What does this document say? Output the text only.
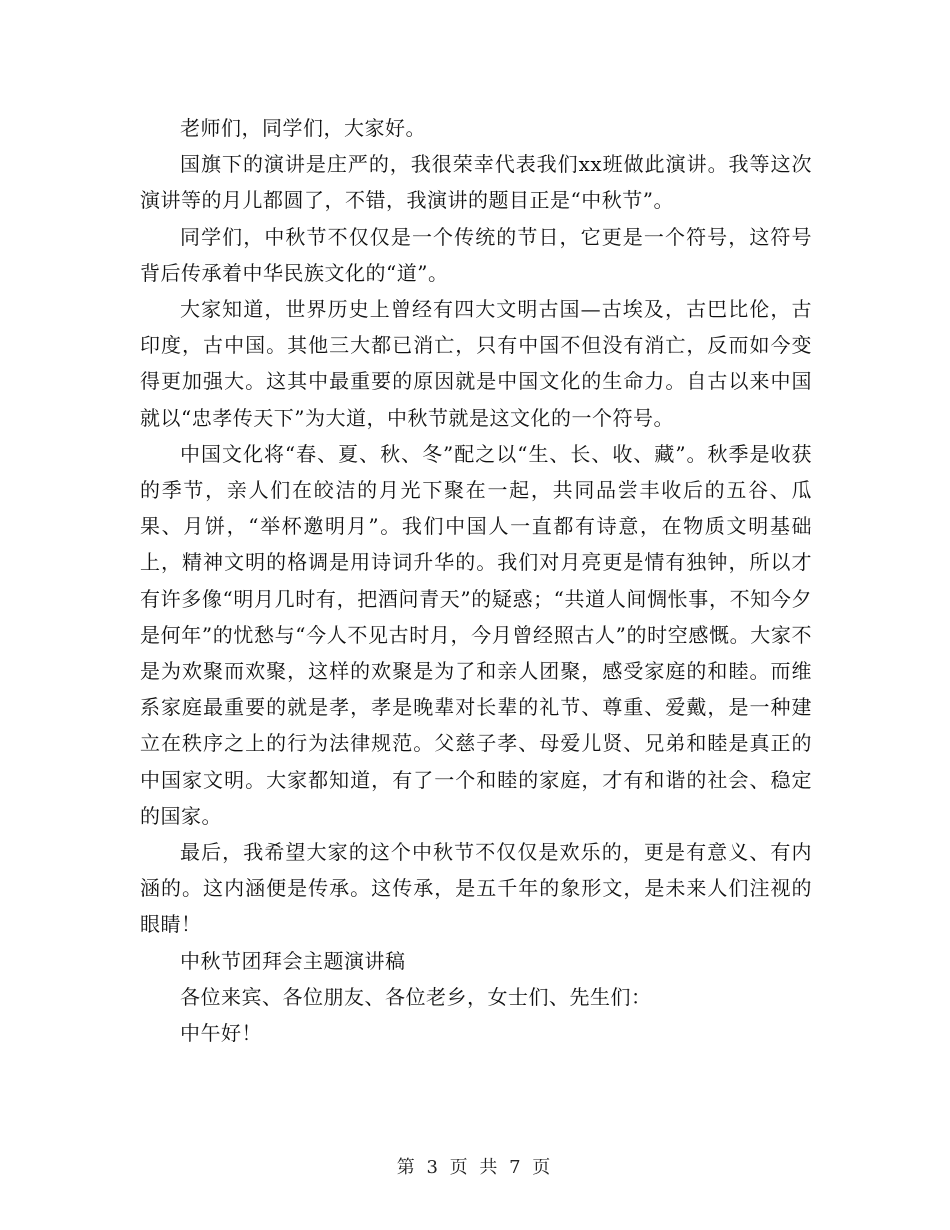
老师们，同学们，大家好。

国旗下的演讲是庄严的，我很荣幸代表我们xx班做此演讲。我等这次演讲等的月儿都圆了，不错，我演讲的题目正是“中秋节”。

同学们，中秋节不仅仅是一个传统的节日，它更是一个符号，这符号背后传承着中华民族文化的“道”。

大家知道，世界历史上曾经有四大文明古国—古埃及，古巴比伦，古印度，古中国。其他三大都已消亡，只有中国不但没有消亡，反而如今变得更加强大。这其中最重要的原因就是中国文化的生命力。自古以来中国就以“忠孝传天下”为大道，中秋节就是这文化的一个符号。

中国文化将“春、夏、秋、冬”配之以“生、长、收、藏”。秋季是收获的季节，亲人们在皎洁的月光下聚在一起，共同品尝丰收后的五谷、瓜果、月饼，“举杯邀明月”。我们中国人一直都有诗意，在物质文明基础上，精神文明的格调是用诗词升华的。我们对月亮更是情有独钟，所以才有许多像“明月几时有，把酒问青天”的疑惑；“共道人间惆怅事，不知今夕是何年”的忧愁与“今人不见古时月，今月曾经照古人”的时空感慨。大家不是为欢聚而欢聚，这样的欢聚是为了和亲人团聚，感受家庭的和睦。而维系家庭最重要的就是孝，孝是晚辈对长辈的礼节、尊重、爱戴，是一种建立在秩序之上的行为法律规范。父慈子孝、母爱儿贤、兄弟和睦是真正的中国家文明。大家都知道，有了一个和睦的家庭，才有和谐的社会、稳定的国家。

最后，我希望大家的这个中秋节不仅仅是欢乐的，更是有意义、有内涵的。这内涵便是传承。这传承，是五千年的象形文，是未来人们注视的眼睛！

中秋节团拜会主题演讲稿

各位来宾、各位朋友、各位老乡，女士们、先生们：

中午好！

第 3 页 共 7 页
